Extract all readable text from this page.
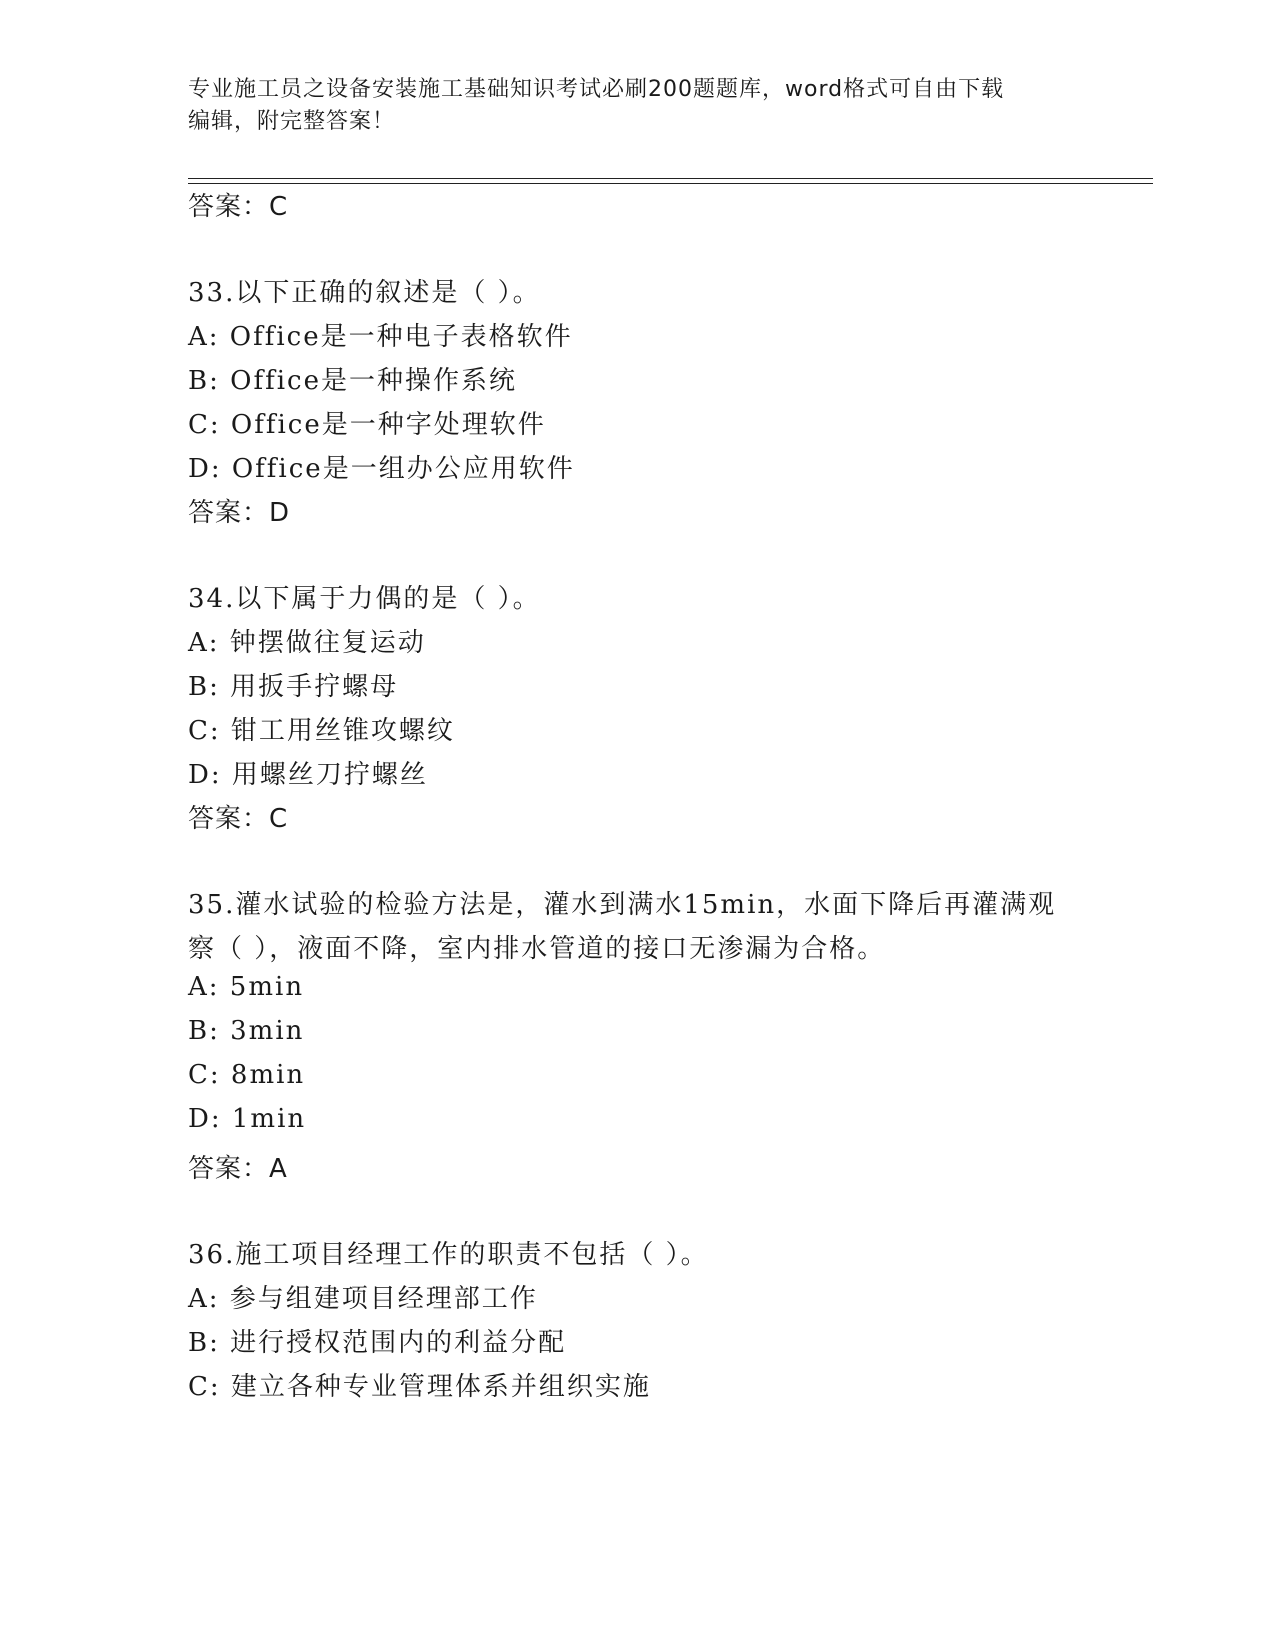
专业施工员之设备安装施工基础知识考试必刷200题题库，word格式可自由下载
编辑，附完整答案！
答案：C
33.以下正确的叙述是（ ）。
A: Office是一种电子表格软件
B: Office是一种操作系统
C: Office是一种字处理软件
D: Office是一组办公应用软件
答案：D
34.以下属于力偶的是（ ）。
A: 钟摆做往复运动
B: 用扳手拧螺母
C: 钳工用丝锥攻螺纹
D: 用螺丝刀拧螺丝
答案：C
35.灌水试验的检验方法是，灌水到满水15min，水面下降后再灌满观
察（ ），液面不降，室内排水管道的接口无渗漏为合格。
A: 5min
B: 3min
C: 8min
D: 1min
答案：A
36.施工项目经理工作的职责不包括（ ）。
A: 参与组建项目经理部工作
B: 进行授权范围内的利益分配
C: 建立各种专业管理体系并组织实施
